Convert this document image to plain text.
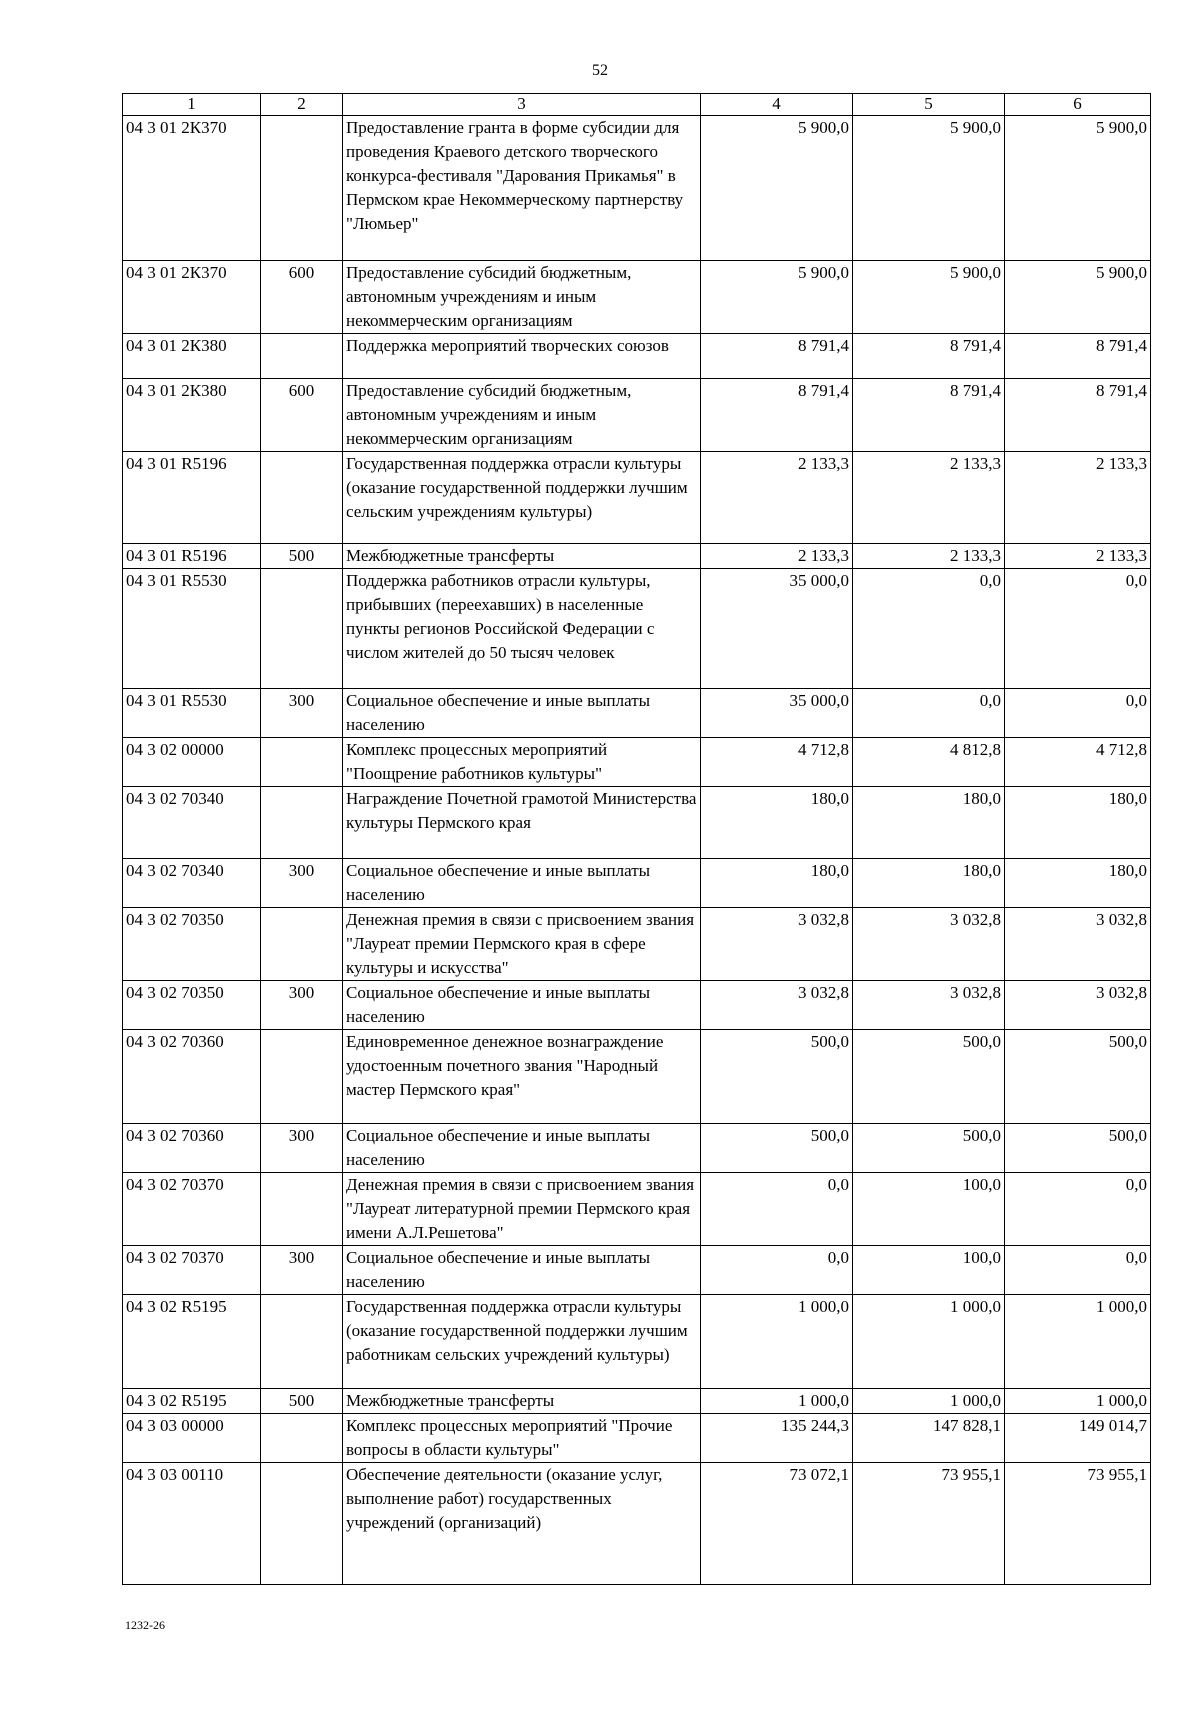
52
1	2	3	4	5	6
04 3 01 2К370		Предоставление гранта в форме субсидии для проведения Краевого детского творческого конкурса-фестиваля "Дарования Прикамья" в Пермском крае Некоммерческому партнерству "Люмьер"	5 900,0	5 900,0	5 900,0
04 3 01 2К370	600	Предоставление субсидий бюджетным, автономным учреждениям и иным некоммерческим организациям	5 900,0	5 900,0	5 900,0
04 3 01 2К380		Поддержка мероприятий творческих союзов	8 791,4	8 791,4	8 791,4
04 3 01 2К380	600	Предоставление субсидий бюджетным, автономным учреждениям и иным некоммерческим организациям	8 791,4	8 791,4	8 791,4
04 3 01 R5196		Государственная поддержка отрасли культуры (оказание государственной поддержки лучшим сельским учреждениям культуры)	2 133,3	2 133,3	2 133,3
04 3 01 R5196	500	Межбюджетные трансферты	2 133,3	2 133,3	2 133,3
04 3 01 R5530		Поддержка работников отрасли культуры, прибывших (переехавших) в населенные пункты регионов Российской Федерации с числом жителей до 50 тысяч человек	35 000,0	0,0	0,0
04 3 01 R5530	300	Социальное обеспечение и иные выплаты населению	35 000,0	0,0	0,0
04 3 02 00000		Комплекс процессных мероприятий "Поощрение работников культуры"	4 712,8	4 812,8	4 712,8
04 3 02 70340		Награждение Почетной грамотой Министерства культуры Пермского края	180,0	180,0	180,0
04 3 02 70340	300	Социальное обеспечение и иные выплаты населению	180,0	180,0	180,0
04 3 02 70350		Денежная премия в связи с присвоением звания "Лауреат премии Пермского края в сфере культуры и искусства"	3 032,8	3 032,8	3 032,8
04 3 02 70350	300	Социальное обеспечение и иные выплаты населению	3 032,8	3 032,8	3 032,8
04 3 02 70360		Единовременное денежное вознаграждение удостоенным почетного звания "Народный мастер Пермского края"	500,0	500,0	500,0
04 3 02 70360	300	Социальное обеспечение и иные выплаты населению	500,0	500,0	500,0
04 3 02 70370		Денежная премия в связи с присвоением звания "Лауреат литературной премии Пермского края имени А.Л.Решетова"	0,0	100,0	0,0
04 3 02 70370	300	Социальное обеспечение и иные выплаты населению	0,0	100,0	0,0
04 3 02 R5195		Государственная поддержка отрасли культуры (оказание государственной поддержки лучшим работникам сельских учреждений культуры)	1 000,0	1 000,0	1 000,0
04 3 02 R5195	500	Межбюджетные трансферты	1 000,0	1 000,0	1 000,0
04 3 03 00000		Комплекс процессных мероприятий "Прочие вопросы в области культуры"	135 244,3	147 828,1	149 014,7
04 3 03 00110		Обеспечение деятельности (оказание услуг, выполнение работ) государственных учреждений (организаций)	73 072,1	73 955,1	73 955,1
1232-26
